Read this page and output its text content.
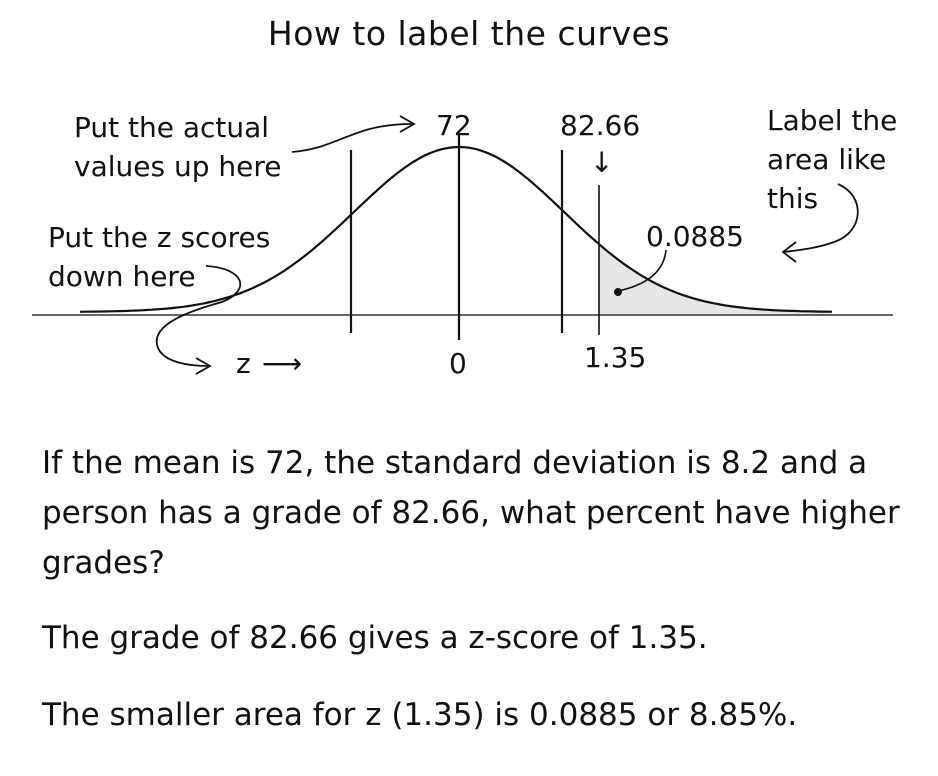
How to label the curves
72	82.66
↓
z ⟶	0	1.35
0.0885
Put the actual
values up here
Put the z scores
down here
Label the
area like
this

If the mean is 72, the standard deviation is 8.2 and a person has a grade of 82.66, what percent have higher grades?

The grade of 82.66 gives a z-score of 1.35.

The smaller area for z (1.35) is 0.0885 or 8.85%.
